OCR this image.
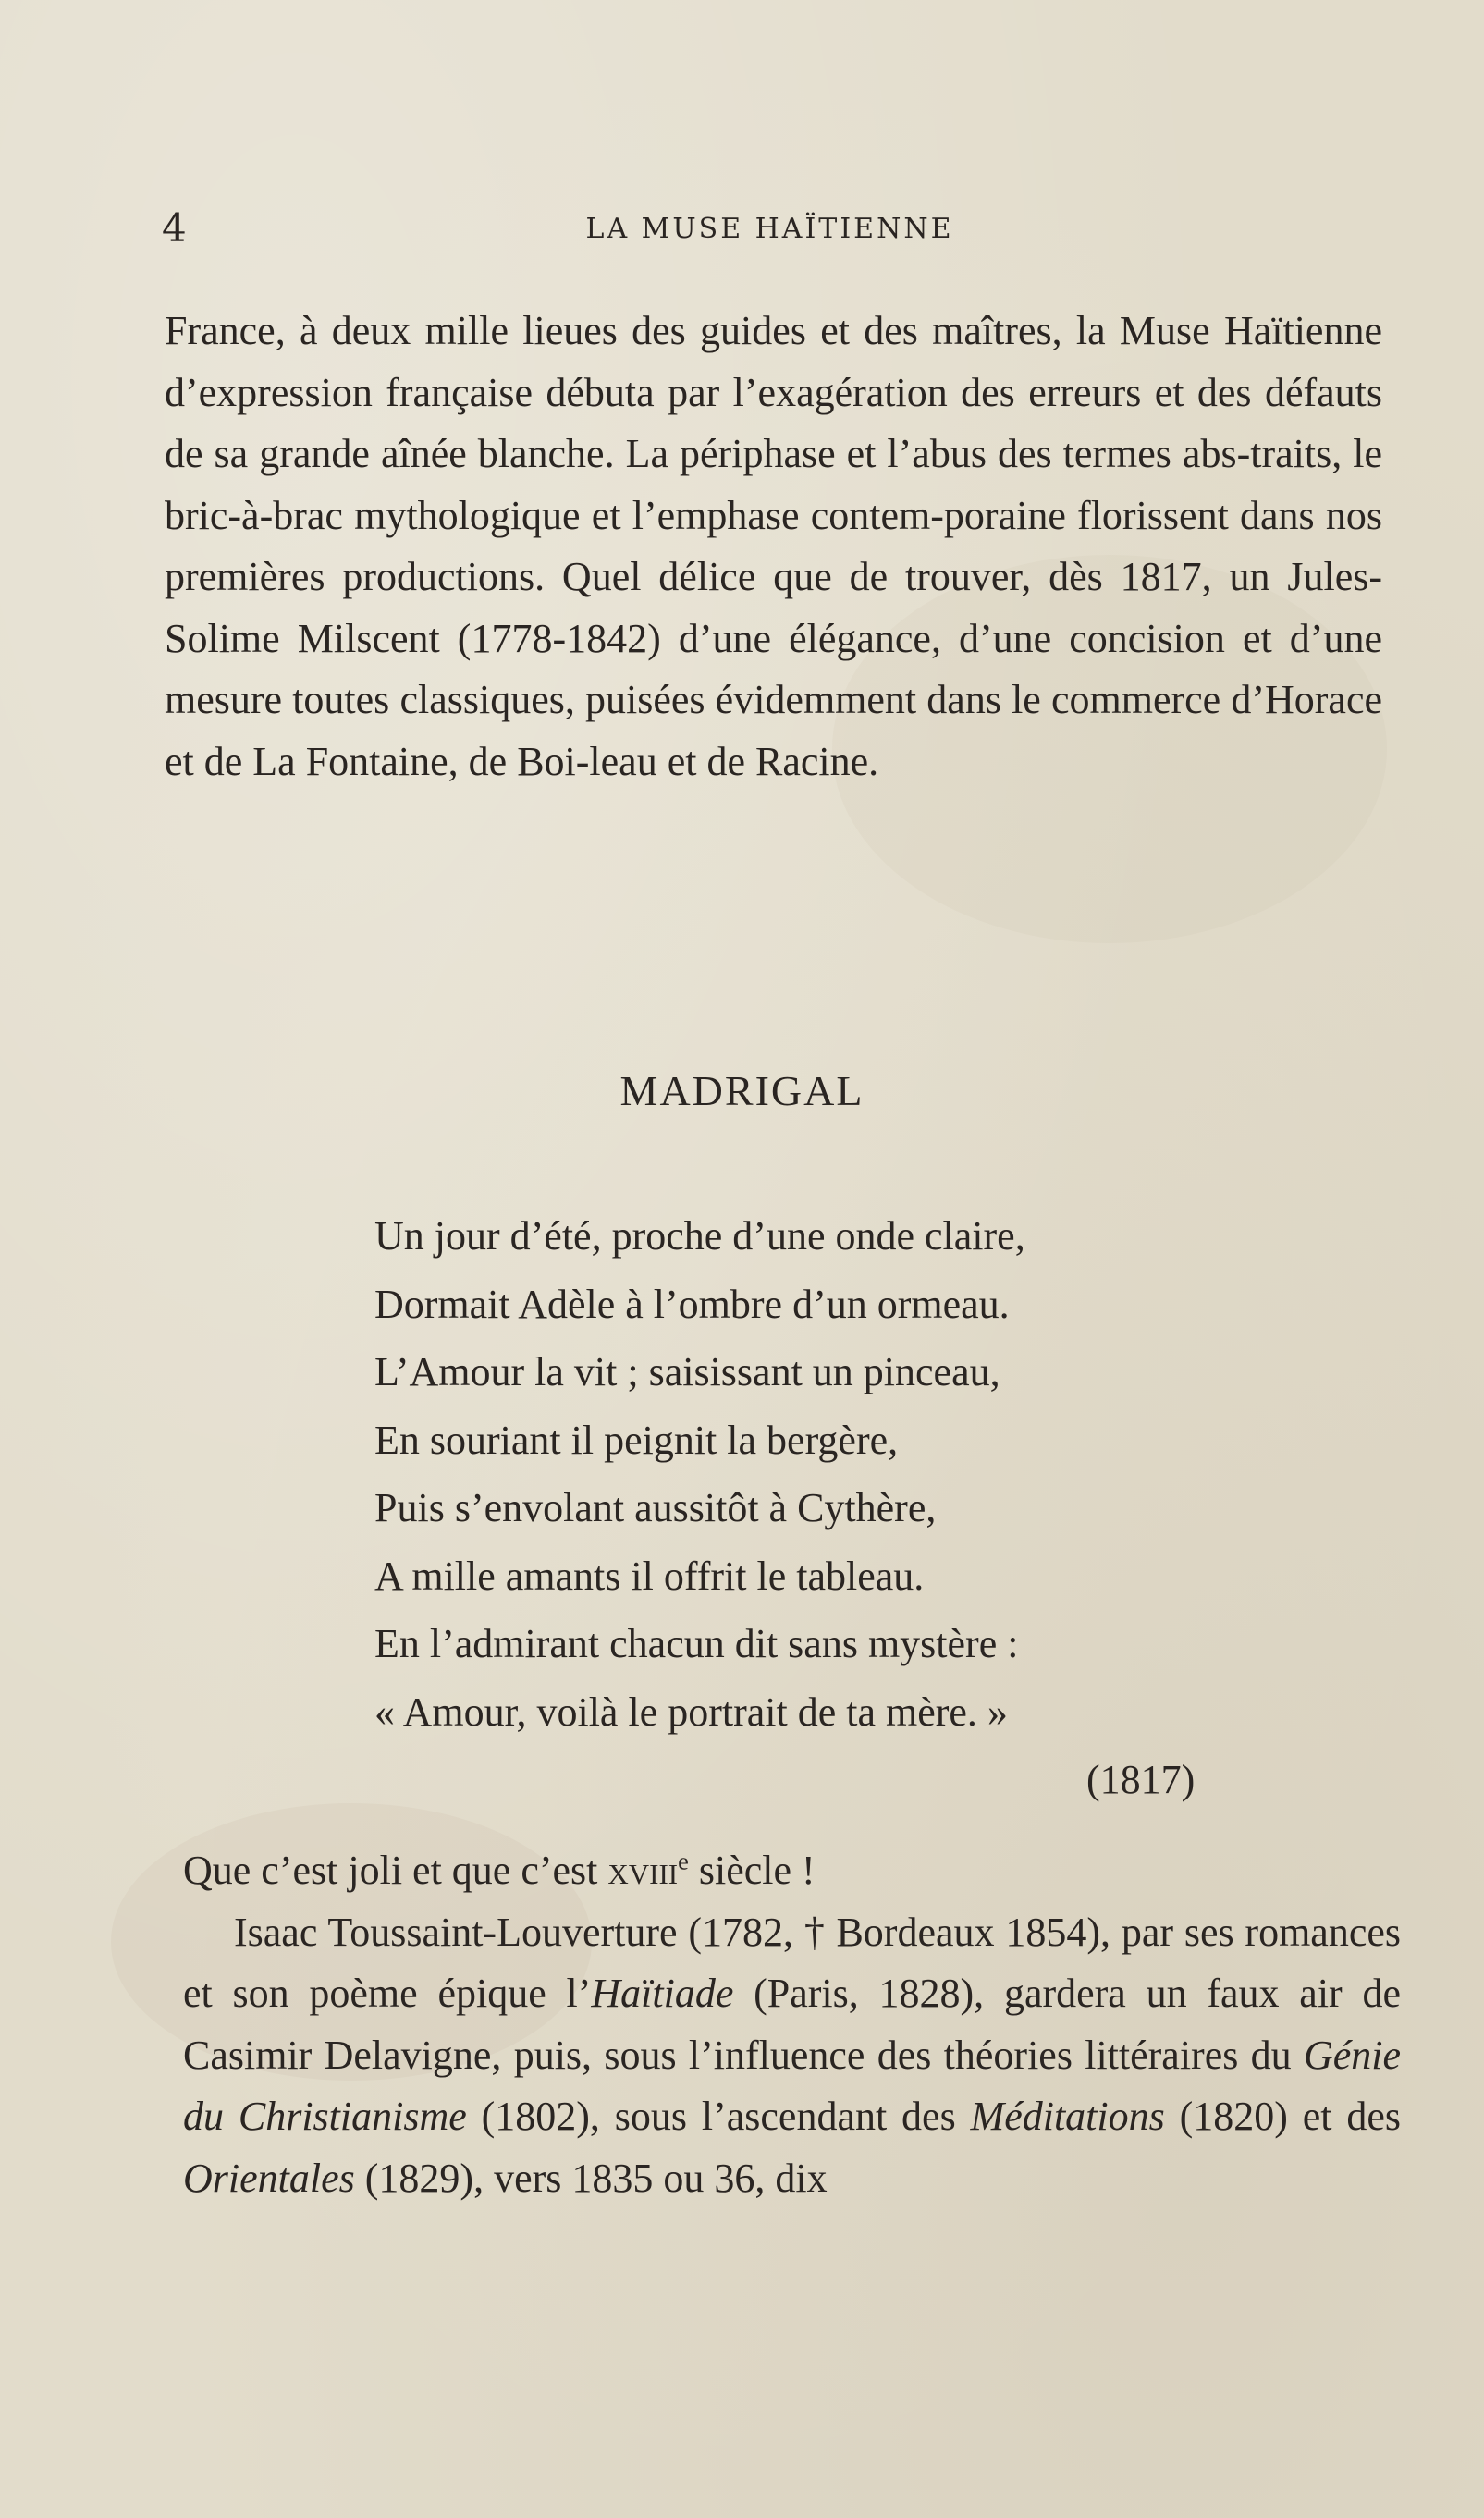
4	LA MUSE HAÏTIENNE

France, à deux mille lieues des guides et des maîtres, la Muse Haïtienne d’expression française débuta par l’exagération des erreurs et des défauts de sa grande aînée blanche. La périphase et l’abus des termes abs-traits, le bric-à-brac mythologique et l’emphase contem-poraine florissent dans nos premières productions. Quel délice que de trouver, dès 1817, un Jules-Solime Milscent (1778-1842) d’une élégance, d’une concision et d’une mesure toutes classiques, puisées évidemment dans le commerce d’Horace et de La Fontaine, de Boi-leau et de Racine.

MADRIGAL
Un jour d’été, proche d’une onde claire,
Dormait Adèle à l’ombre d’un ormeau.
L’Amour la vit ; saisissant un pinceau,
En souriant il peignit la bergère,
Puis s’envolant aussitôt à Cythère,
A mille amants il offrit le tableau.
En l’admirant chacun dit sans mystère :
« Amour, voilà le portrait de ta mère. »
(1817)

Que c’est joli et que c’est xviii$^e$ siècle !

Isaac Toussaint-Louverture (1782, † Bordeaux 1854), par ses romances et son poème épique l’Haïtiade (Paris, 1828), gardera un faux air de Casimir Delavigne, puis, sous l’influence des théories littéraires du Génie du Christianisme (1802), sous l’ascendant des Méditations (1820) et des Orientales (1829), vers 1835 ou 36, dix
